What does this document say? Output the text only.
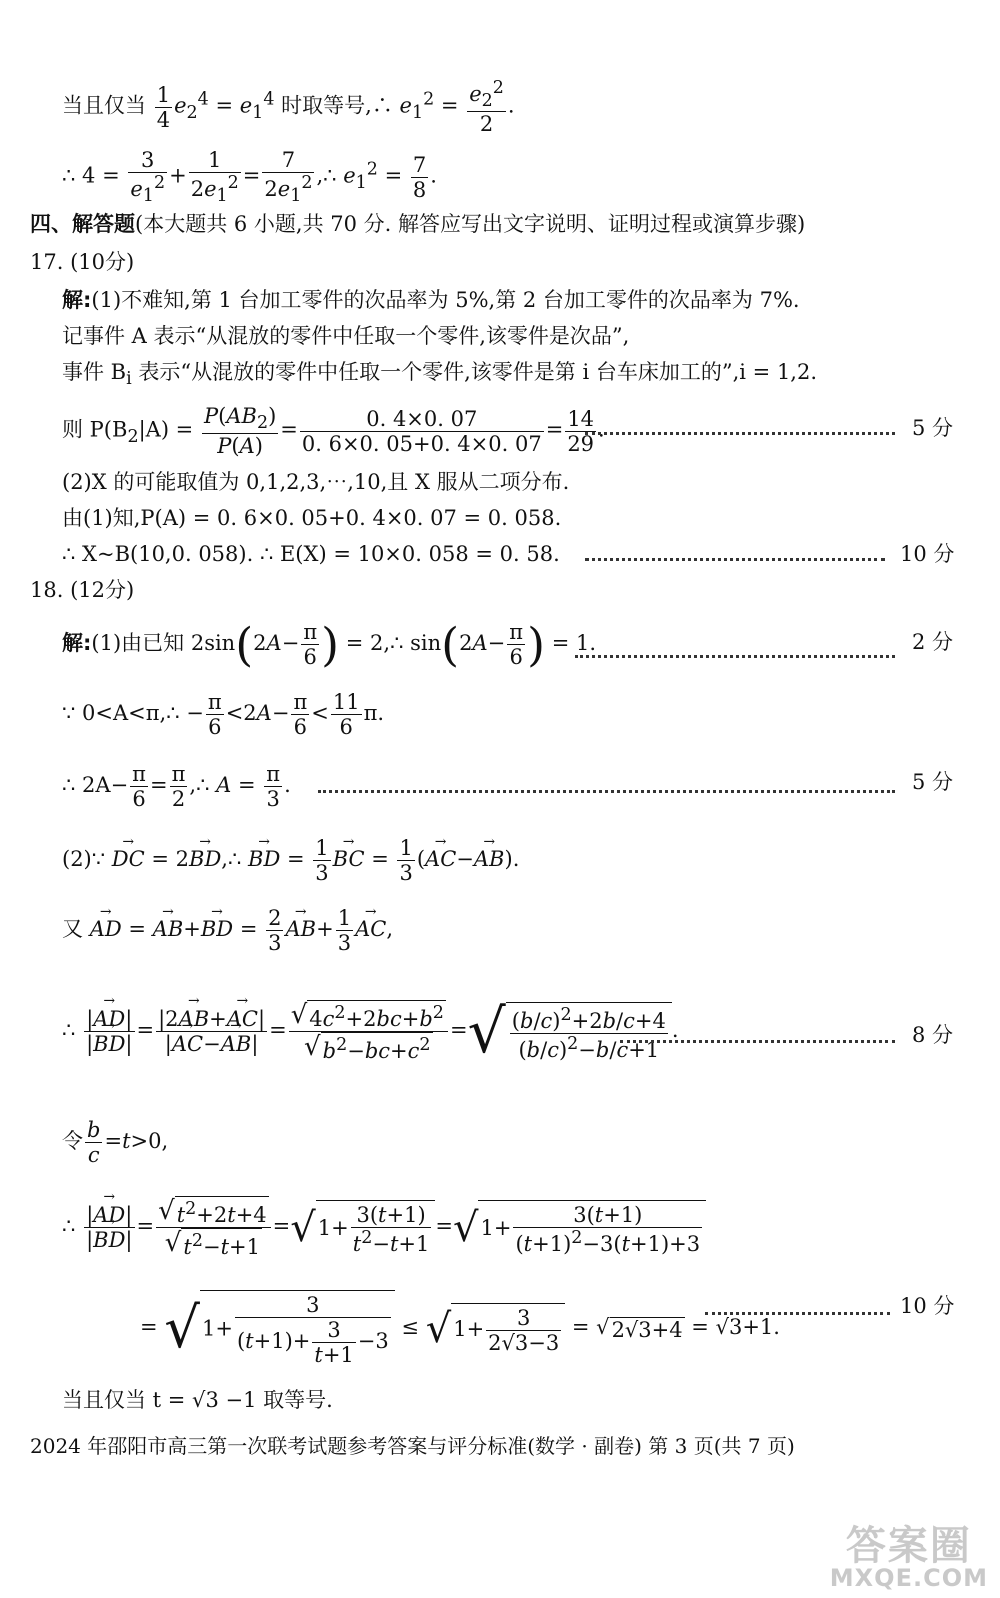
当且仅当 $\frac{1}{4} e_2^4 = e_1^4$ 时取等号,∴ $e_1^2 = \frac{e_2^2}{2}$ .
∴ $4 = \frac{3}{e_1^2} + \frac{1}{2e_1^2} = \frac{7}{2e_1^2}$ ,∴ $e_1^2 = \frac{7}{8}$ .
四、解答题(本大题共 6 小题,共 70 分. 解答应写出文字说明、证明过程或演算步骤)
17. (10分)
解:(1)不难知,第 1 台加工零件的次品率为 5%,第 2 台加工零件的次品率为 7%.
记事件 A 表示“从混放的零件中任取一个零件,该零件是次品”,
事件 $B_i$ 表示“从混放的零件中任取一个零件,该零件是第 i 台车床加工的”,i = 1,2.
则 $P(B_2|A) = \frac{P(AB_2)}{P(A)} = \frac{0. 4\times 0. 07}{0. 6\times 0. 05+0. 4\times 0. 07} = \frac{14}{29}$ .	5 分
(2)X 的可能取值为 0,1,2,3,⋯,10,且 X 服从二项分布.
由(1)知,P(A) = 0. 6×0. 05+0. 4×0. 07 = 0. 058.
∴ X~B(10,0. 058). ∴ E(X) = 10×0. 058 = 0. 58.	10 分
18. (12分)
解:(1)由已知 $2\sin(2A- \frac{\pi}{6}$ ) = 2,∴ $\sin(2A- \frac{\pi}{6}$ ) = 1.	2 分
∵ 0<A<π,∴ − $\frac{\pi}{6} <2A- \frac{\pi}{6} < \frac{11}{6} \pi$.
∴ $2A- \frac{\pi}{6} = \frac{\pi}{2}$ ,∴ $A = \frac{\pi}{3}$ .	5 分
(2)∵ → DC = 2→ BD,∴ → BD = $\frac{1}{3}$
→ BC = $\frac{1}{3}$ (→ AC−→ AB).
又 → AD = → AB+→ BD = $\frac{2}{3}$
→ $AB+ \frac{1}{3}$
→ AC,
∴ $\frac{|\to AD|}{|\to BD|} = \frac{|2\to AB+\to AC|}{|\to AC-\to AB|} = \frac{√4c^2+2bc+b^2}{√b^2-bc+c^2}$ =√ $\frac{(b/c)^2+2b/c+4}{(b/c)^2-b/c+1}$ .	8 分
令 $\frac{b}{c} =t>0$,
∴ $\frac{|\to AD|}{|\to BD|} = \frac{√t^2+2t+4}{√t^2-t+1} =√1+ \frac{3(t+1)}{t^2-t+1} =√1+ \frac{3(t+1)}{(t+1)^2-3(t+1)+3}$
= $√1+ \frac{3}{(t+1)+ \frac{3}{t+1} -3} \le √1+ \frac{3}{2√3-3} = √2√3+4 = √3+1$.
10 分
当且仅当 t = √3 −1 取等号.
2024 年邵阳市高三第一次联考试题参考答案与评分标准(数学 · 副卷) 第 3 页(共 7 页)
答案圈
MXQE.COM
